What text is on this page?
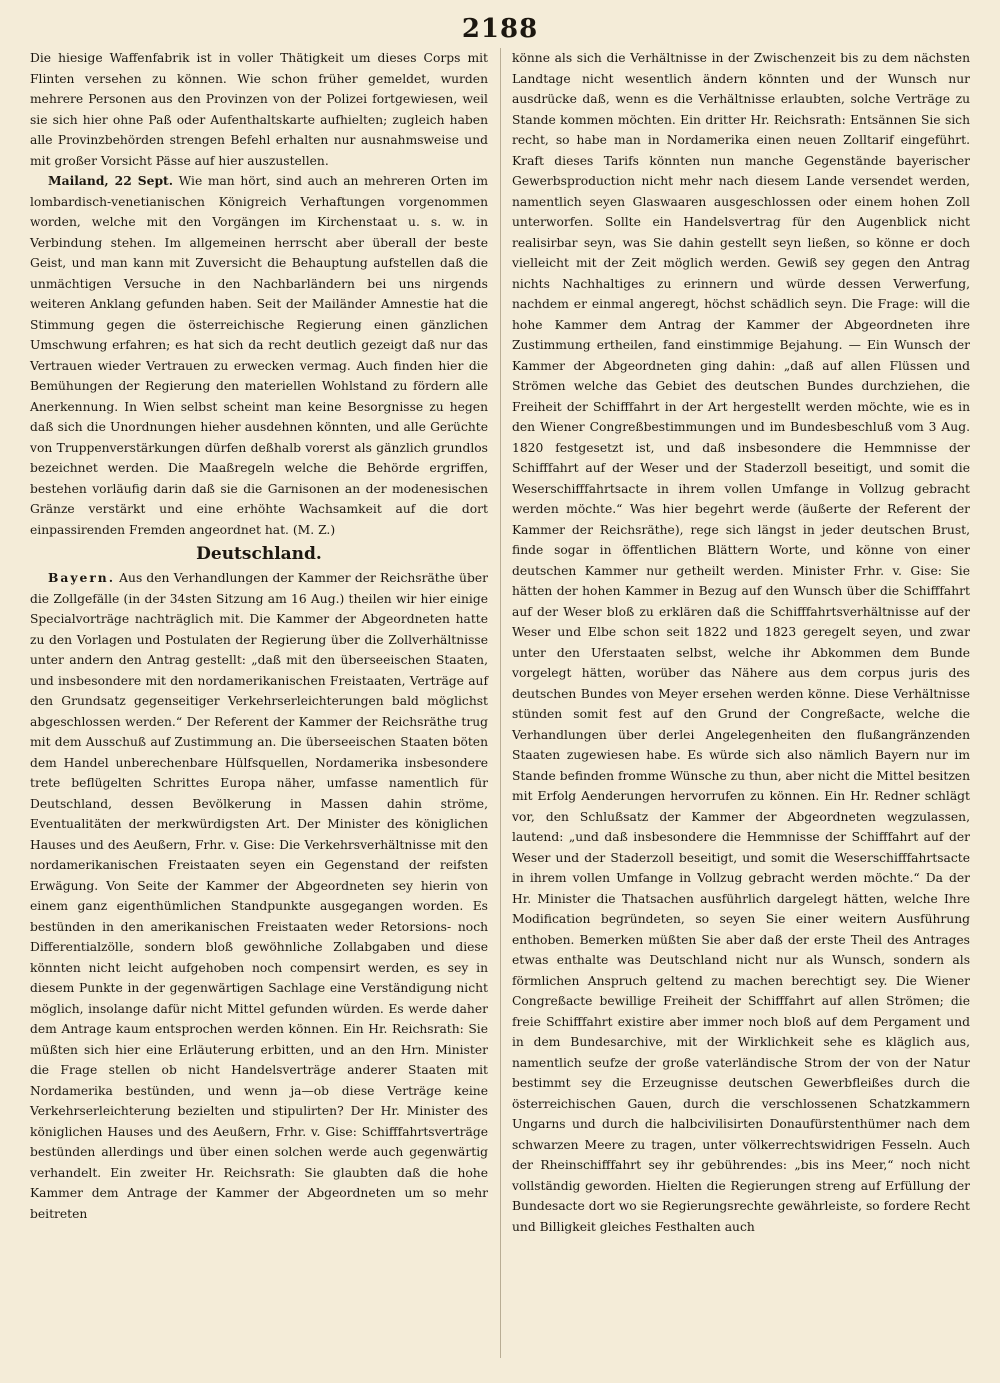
2188

Die hiesige Waffenfabrik ist in voller Thätigkeit um dieses Corps mit Flinten versehen zu können. Wie schon früher gemeldet, wurden mehrere Personen aus den Provinzen von der Polizei fortgewiesen, weil sie sich hier ohne Paß oder Aufenthaltskarte aufhielten; zugleich haben alle Provinzbehörden strengen Befehl erhalten nur ausnahmsweise und mit großer Vorsicht Pässe auf hier auszustellen.

Mailand, 22 Sept. Wie man hört, sind auch an mehreren Orten im lombardisch-venetianischen Königreich Verhaftungen vorgenommen worden, welche mit den Vorgängen im Kirchenstaat u. s. w. in Verbindung stehen. Im allgemeinen herrscht aber überall der beste Geist, und man kann mit Zuversicht die Behauptung aufstellen daß die unmächtigen Versuche in den Nachbarländern bei uns nirgends weiteren Anklang gefunden haben. Seit der Mailänder Amnestie hat die Stimmung gegen die österreichische Regierung einen gänzlichen Umschwung erfahren; es hat sich da recht deutlich gezeigt daß nur das Vertrauen wieder Vertrauen zu erwecken vermag. Auch finden hier die Bemühungen der Regierung den materiellen Wohlstand zu fördern alle Anerkennung. In Wien selbst scheint man keine Besorgnisse zu hegen daß sich die Unordnungen hieher ausdehnen könnten, und alle Gerüchte von Truppenverstärkungen dürfen deßhalb vorerst als gänzlich grundlos bezeichnet werden. Die Maaßregeln welche die Behörde ergriffen, bestehen vorläufig darin daß sie die Garnisonen an der modenesischen Gränze verstärkt und eine erhöhte Wachsamkeit auf die dort einpassirenden Fremden angeordnet hat. (M. Z.)

Deutschland.

Bayern. Aus den Verhandlungen der Kammer der Reichsräthe über die Zollgefälle (in der 34sten Sitzung am 16 Aug.) theilen wir hier einige Specialvorträge nachträglich mit. Die Kammer der Abgeordneten hatte zu den Vorlagen und Postulaten der Regierung über die Zollverhältnisse unter andern den Antrag gestellt: „daß mit den überseeischen Staaten, und insbesondere mit den nordamerikanischen Freistaaten, Verträge auf den Grundsatz gegenseitiger Verkehrserleichterungen bald möglichst abgeschlossen werden.“ Der Referent der Kammer der Reichsräthe trug mit dem Ausschuß auf Zustimmung an. Die überseeischen Staaten böten dem Handel unberechenbare Hülfsquellen, Nordamerika insbesondere trete beflügelten Schrittes Europa näher, umfasse namentlich für Deutschland, dessen Bevölkerung in Massen dahin ströme, Eventualitäten der merkwürdigsten Art. Der Minister des königlichen Hauses und des Aeußern, Frhr. v. Gise: Die Verkehrsverhältnisse mit den nordamerikanischen Freistaaten seyen ein Gegenstand der reifsten Erwägung. Von Seite der Kammer der Abgeordneten sey hierin von einem ganz eigenthümlichen Standpunkte ausgegangen worden. Es bestünden in den amerikanischen Freistaaten weder Retorsions- noch Differentialzölle, sondern bloß gewöhnliche Zollabgaben und diese könnten nicht leicht aufgehoben noch compensirt werden, es sey in diesem Punkte in der gegenwärtigen Sachlage eine Verständigung nicht möglich, insolange dafür nicht Mittel gefunden würden. Es werde daher dem Antrage kaum entsprochen werden können. Ein Hr. Reichsrath: Sie müßten sich hier eine Erläuterung erbitten, und an den Hrn. Minister die Frage stellen ob nicht Handelsverträge anderer Staaten mit Nordamerika bestünden, und wenn ja—ob diese Verträge keine Verkehrserleichterung bezielten und stipulirten? Der Hr. Minister des königlichen Hauses und des Aeußern, Frhr. v. Gise: Schifffahrtsverträge bestünden allerdings und über einen solchen werde auch gegenwärtig verhandelt. Ein zweiter Hr. Reichsrath: Sie glaubten daß die hohe Kammer dem Antrage der Kammer der Abgeordneten um so mehr beitreten

könne als sich die Verhältnisse in der Zwischenzeit bis zu dem nächsten Landtage nicht wesentlich ändern könnten und der Wunsch nur ausdrücke daß, wenn es die Verhältnisse erlaubten, solche Verträge zu Stande kommen möchten. Ein dritter Hr. Reichsrath: Entsännen Sie sich recht, so habe man in Nordamerika einen neuen Zolltarif eingeführt. Kraft dieses Tarifs könnten nun manche Gegenstände bayerischer Gewerbsproduction nicht mehr nach diesem Lande versendet werden, namentlich seyen Glaswaaren ausgeschlossen oder einem hohen Zoll unterworfen. Sollte ein Handelsvertrag für den Augenblick nicht realisirbar seyn, was Sie dahin gestellt seyn ließen, so könne er doch vielleicht mit der Zeit möglich werden. Gewiß sey gegen den Antrag nichts Nachhaltiges zu erinnern und würde dessen Verwerfung, nachdem er einmal angeregt, höchst schädlich seyn. Die Frage: will die hohe Kammer dem Antrag der Kammer der Abgeordneten ihre Zustimmung ertheilen, fand einstimmige Bejahung. — Ein Wunsch der Kammer der Abgeordneten ging dahin: „daß auf allen Flüssen und Strömen welche das Gebiet des deutschen Bundes durchziehen, die Freiheit der Schifffahrt in der Art hergestellt werden möchte, wie es in den Wiener Congreßbestimmungen und im Bundesbeschluß vom 3 Aug. 1820 festgesetzt ist, und daß insbesondere die Hemmnisse der Schifffahrt auf der Weser und der Staderzoll beseitigt, und somit die Weserschifffahrtsacte in ihrem vollen Umfange in Vollzug gebracht werden möchte.“ Was hier begehrt werde (äußerte der Referent der Kammer der Reichsräthe), rege sich längst in jeder deutschen Brust, finde sogar in öffentlichen Blättern Worte, und könne von einer deutschen Kammer nur getheilt werden. Minister Frhr. v. Gise: Sie hätten der hohen Kammer in Bezug auf den Wunsch über die Schifffahrt auf der Weser bloß zu erklären daß die Schifffahrtsverhältnisse auf der Weser und Elbe schon seit 1822 und 1823 geregelt seyen, und zwar unter den Uferstaaten selbst, welche ihr Abkommen dem Bunde vorgelegt hätten, worüber das Nähere aus dem corpus juris des deutschen Bundes von Meyer ersehen werden könne. Diese Verhältnisse stünden somit fest auf den Grund der Congreßacte, welche die Verhandlungen über derlei Angelegenheiten den flußangränzenden Staaten zugewiesen habe. Es würde sich also nämlich Bayern nur im Stande befinden fromme Wünsche zu thun, aber nicht die Mittel besitzen mit Erfolg Aenderungen hervorrufen zu können. Ein Hr. Redner schlägt vor, den Schlußsatz der Kammer der Abgeordneten wegzulassen, lautend: „und daß insbesondere die Hemmnisse der Schifffahrt auf der Weser und der Staderzoll beseitigt, und somit die Weserschifffahrtsacte in ihrem vollen Umfange in Vollzug gebracht werden möchte.“ Da der Hr. Minister die Thatsachen ausführlich dargelegt hätten, welche Ihre Modification begründeten, so seyen Sie einer weitern Ausführung enthoben. Bemerken müßten Sie aber daß der erste Theil des Antrages etwas enthalte was Deutschland nicht nur als Wunsch, sondern als förmlichen Anspruch geltend zu machen berechtigt sey. Die Wiener Congreßacte bewillige Freiheit der Schifffahrt auf allen Strömen; die freie Schifffahrt existire aber immer noch bloß auf dem Pergament und in dem Bundesarchive, mit der Wirklichkeit sehe es kläglich aus, namentlich seufze der große vaterländische Strom der von der Natur bestimmt sey die Erzeugnisse deutschen Gewerbfleißes durch die österreichischen Gauen, durch die verschlossenen Schatzkammern Ungarns und durch die halbcivilisirten Donaufürstenthümer nach dem schwarzen Meere zu tragen, unter völkerrechtswidrigen Fesseln. Auch der Rheinschifffahrt sey ihr gebührendes: „bis ins Meer,“ noch nicht vollständig geworden. Hielten die Regierungen streng auf Erfüllung der Bundesacte dort wo sie Regierungsrechte gewährleiste, so fordere Recht und Billigkeit gleiches Festhalten auch
